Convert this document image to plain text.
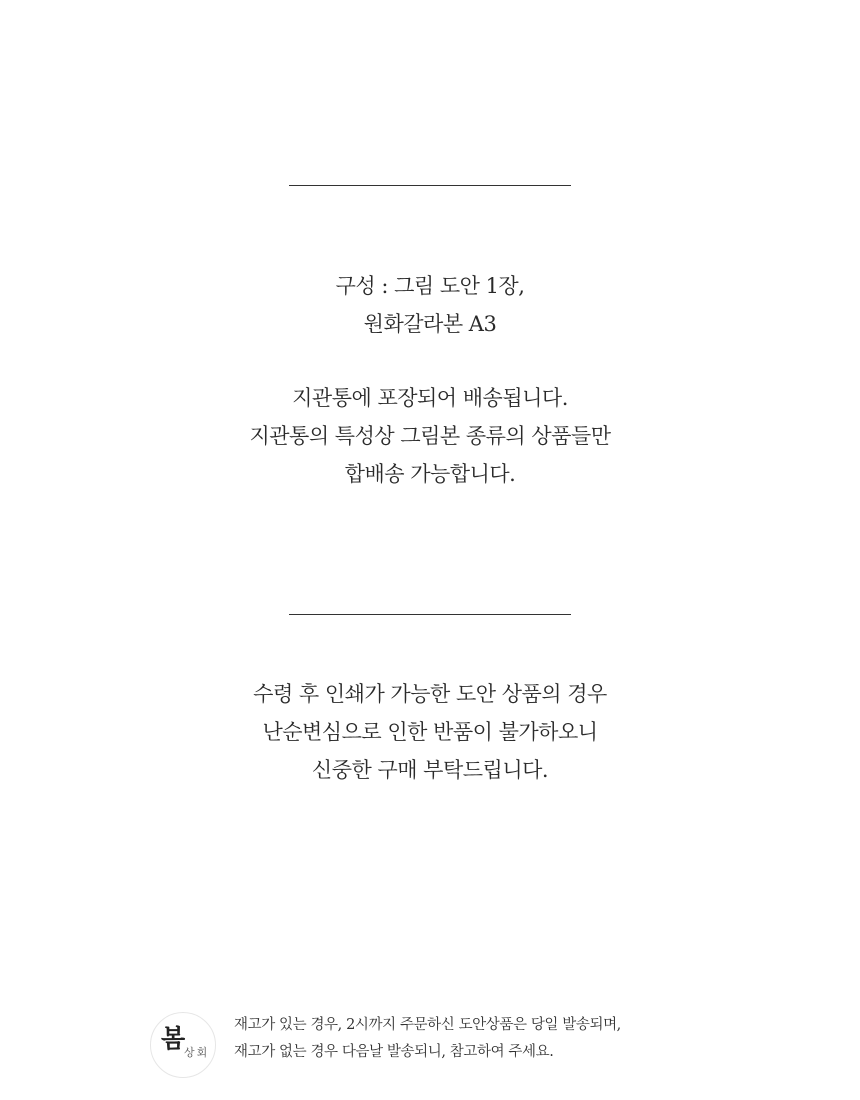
구성 : 그림 도안 1장,
원화갈라본 A3
지관통에 포장되어 배송됩니다.
지관통의 특성상 그림본 종류의 상품들만
합배송 가능합니다.
수령 후 인쇄가 가능한 도안 상품의 경우
난순변심으로 인한 반품이 불가하오니
신중한 구매 부탁드립니다.
봄
상회
재고가 있는 경우, 2시까지 주문하신 도안상품은 당일 발송되며,
재고가 없는 경우 다음날 발송되니, 참고하여 주세요.
